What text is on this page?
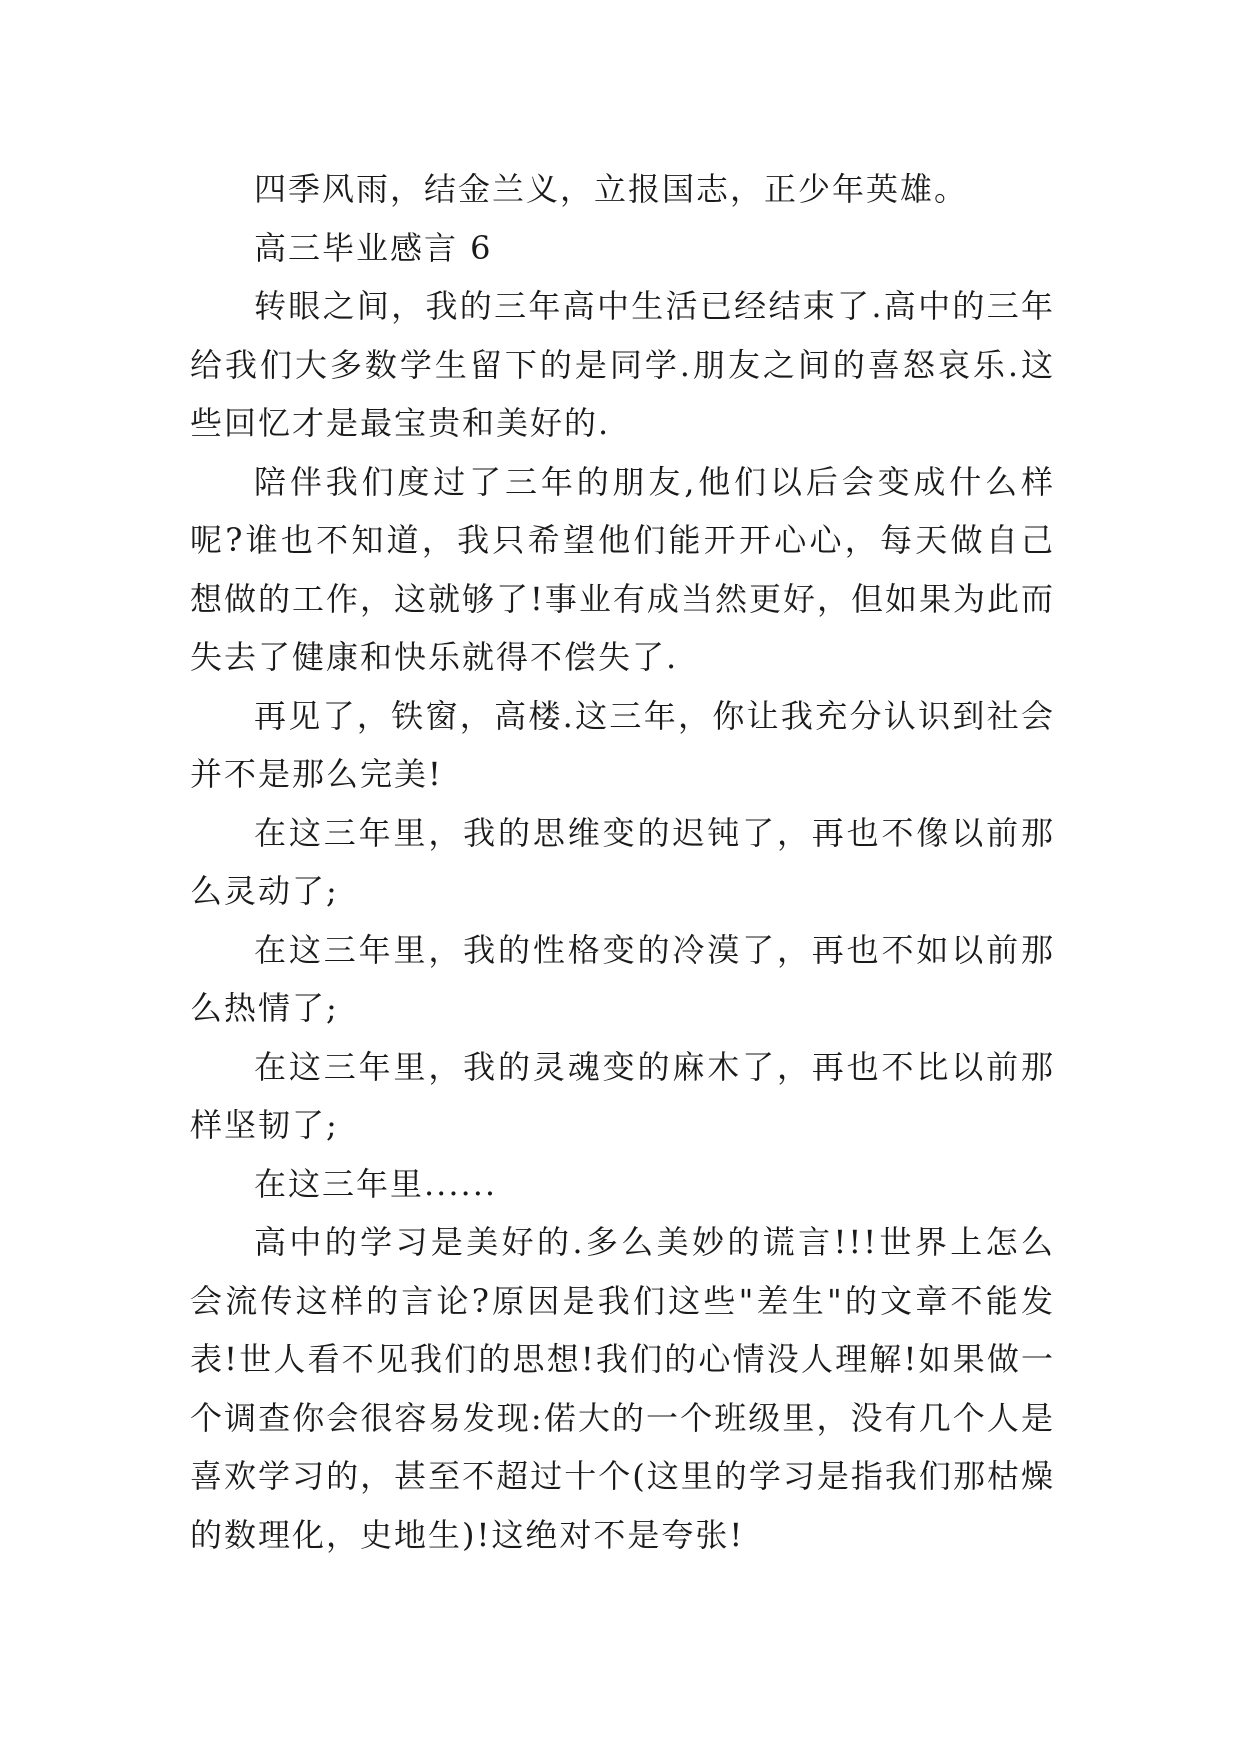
四季风雨，结金兰义，立报国志，正少年英雄。

高三毕业感言 6

转眼之间，我的三年高中生活已经结束了.高中的三年给我们大多数学生留下的是同学.朋友之间的喜怒哀乐.这些回忆才是最宝贵和美好的.

陪伴我们度过了三年的朋友,他们以后会变成什么样呢?谁也不知道，我只希望他们能开开心心，每天做自己想做的工作，这就够了!事业有成当然更好，但如果为此而失去了健康和快乐就得不偿失了.

再见了，铁窗，高楼.这三年，你让我充分认识到社会并不是那么完美!

在这三年里，我的思维变的迟钝了，再也不像以前那么灵动了;

在这三年里，我的性格变的冷漠了，再也不如以前那么热情了;

在这三年里，我的灵魂变的麻木了，再也不比以前那样坚韧了;

在这三年里......

高中的学习是美好的.多么美妙的谎言!!!世界上怎么会流传这样的言论?原因是我们这些"差生"的文章不能发表!世人看不见我们的思想!我们的心情没人理解!如果做一个调查你会很容易发现:偌大的一个班级里，没有几个人是喜欢学习的，甚至不超过十个(这里的学习是指我们那枯燥的数理化，史地生)!这绝对不是夸张!
